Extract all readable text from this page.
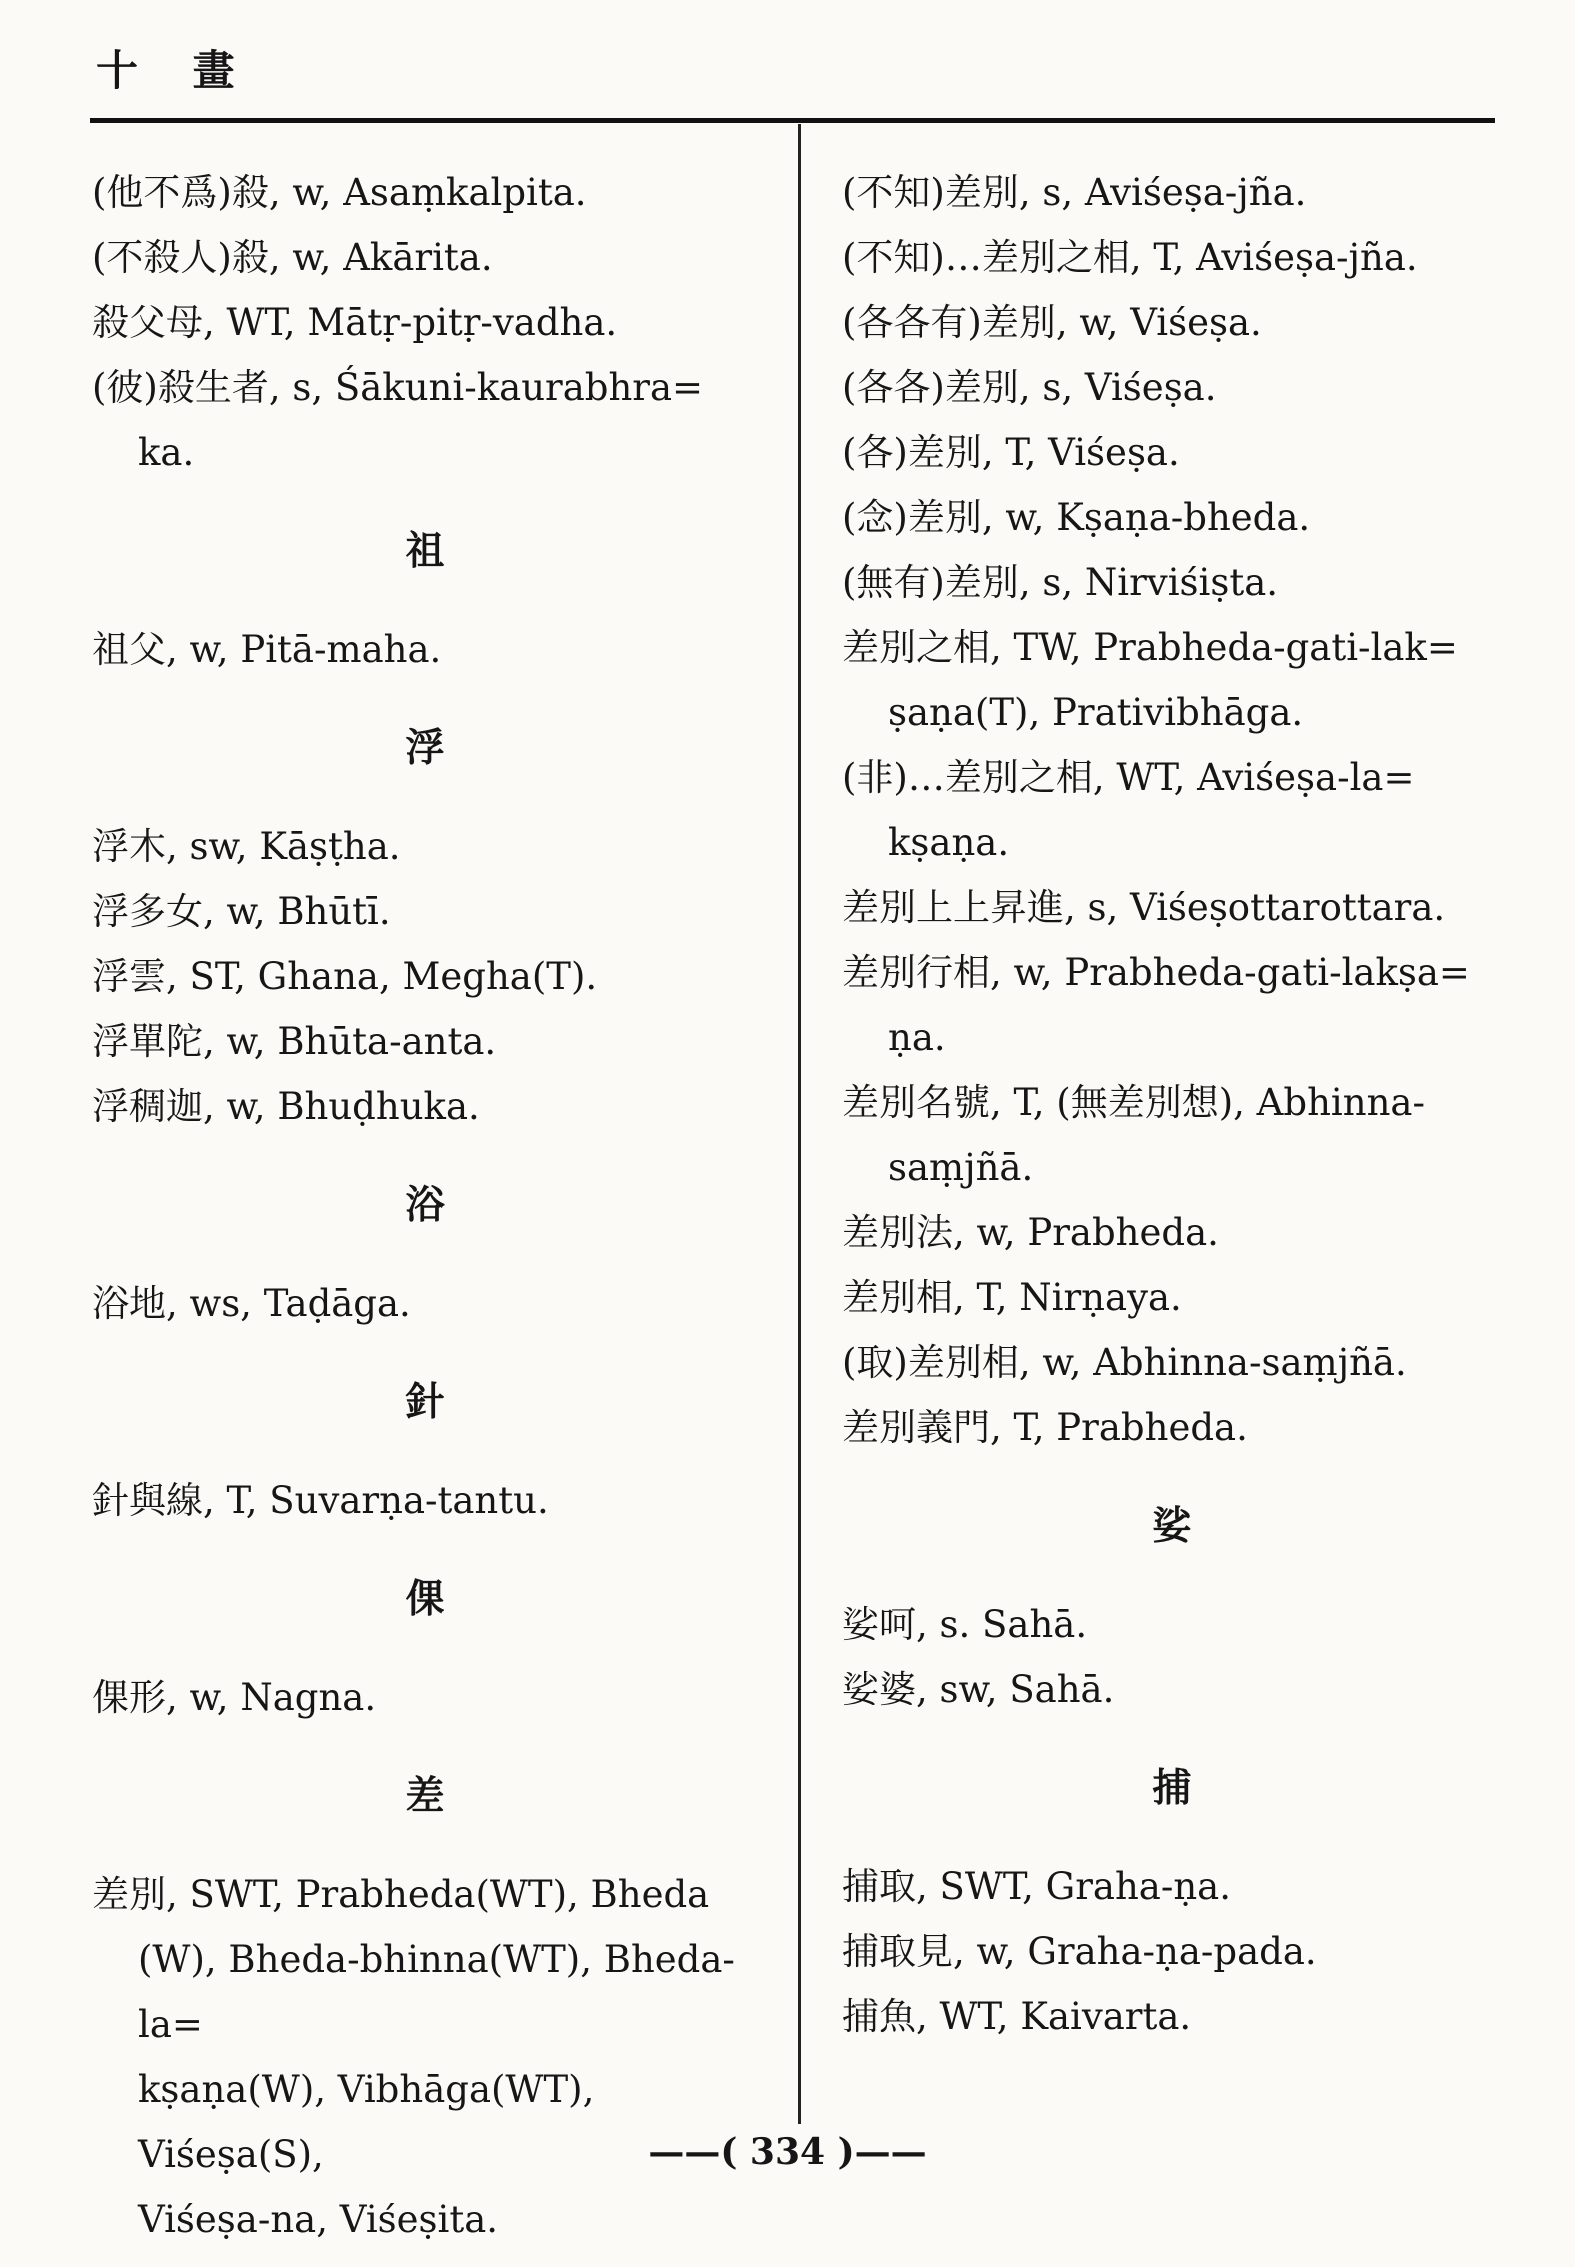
十 畫
(他不爲)殺, w, Asaṃkalpita.
(不殺人)殺, w, Akārita.
殺父母, WT, Mātṛ-pitṛ-vadha.
(彼)殺生者, s, Śākuni-kaurabhra=
ka.
祖
祖父, w, Pitā-maha.
浮
浮木, sw, Kāṣṭha.
浮多女, w, Bhūtī.
浮雲, ST, Ghana, Megha(T).
浮單陀, w, Bhūta-anta.
浮稠迦, w, Bhuḍhuka.
浴
浴地, ws, Taḍāga.
針
針與線, T, Suvarṇa-tantu.
倮
倮形, w, Nagna.
差
差別, SWT, Prabheda(WT), Bheda
(W), Bheda-bhinna(WT), Bheda-la=
kṣaṇa(W), Vibhāga(WT), Viśeṣa(S),
Viśeṣa-na, Viśeṣita.
(不知)差別, s, Aviśeṣa-jña.
(不知)…差別之相, T, Aviśeṣa-jña.
(各各有)差別, w, Viśeṣa.
(各各)差別, s, Viśeṣa.
(各)差別, T, Viśeṣa.
(念)差別, w, Kṣaṇa-bheda.
(無有)差別, s, Nirviśiṣta.
差別之相, TW, Prabheda-gati-lak=
ṣaṇa(T), Prativibhāga.
(非)…差別之相, WT, Aviśeṣa-la=
kṣaṇa.
差別上上昇進, s, Viśeṣottarottara.
差別行相, w, Prabheda-gati-lakṣa=
ṇa.
差別名號, T, (無差別想), Abhinna-
saṃjñā.
差別法, w, Prabheda.
差別相, T, Nirṇaya.
(取)差別相, w, Abhinna-saṃjñā.
差別義門, T, Prabheda.
娑
娑呵, s. Sahā.
娑婆, sw, Sahā.
捕
捕取, SWT, Graha-ṇa.
捕取見, w, Graha-ṇa-pada.
捕魚, WT, Kaivarta.
——( 334 )——
